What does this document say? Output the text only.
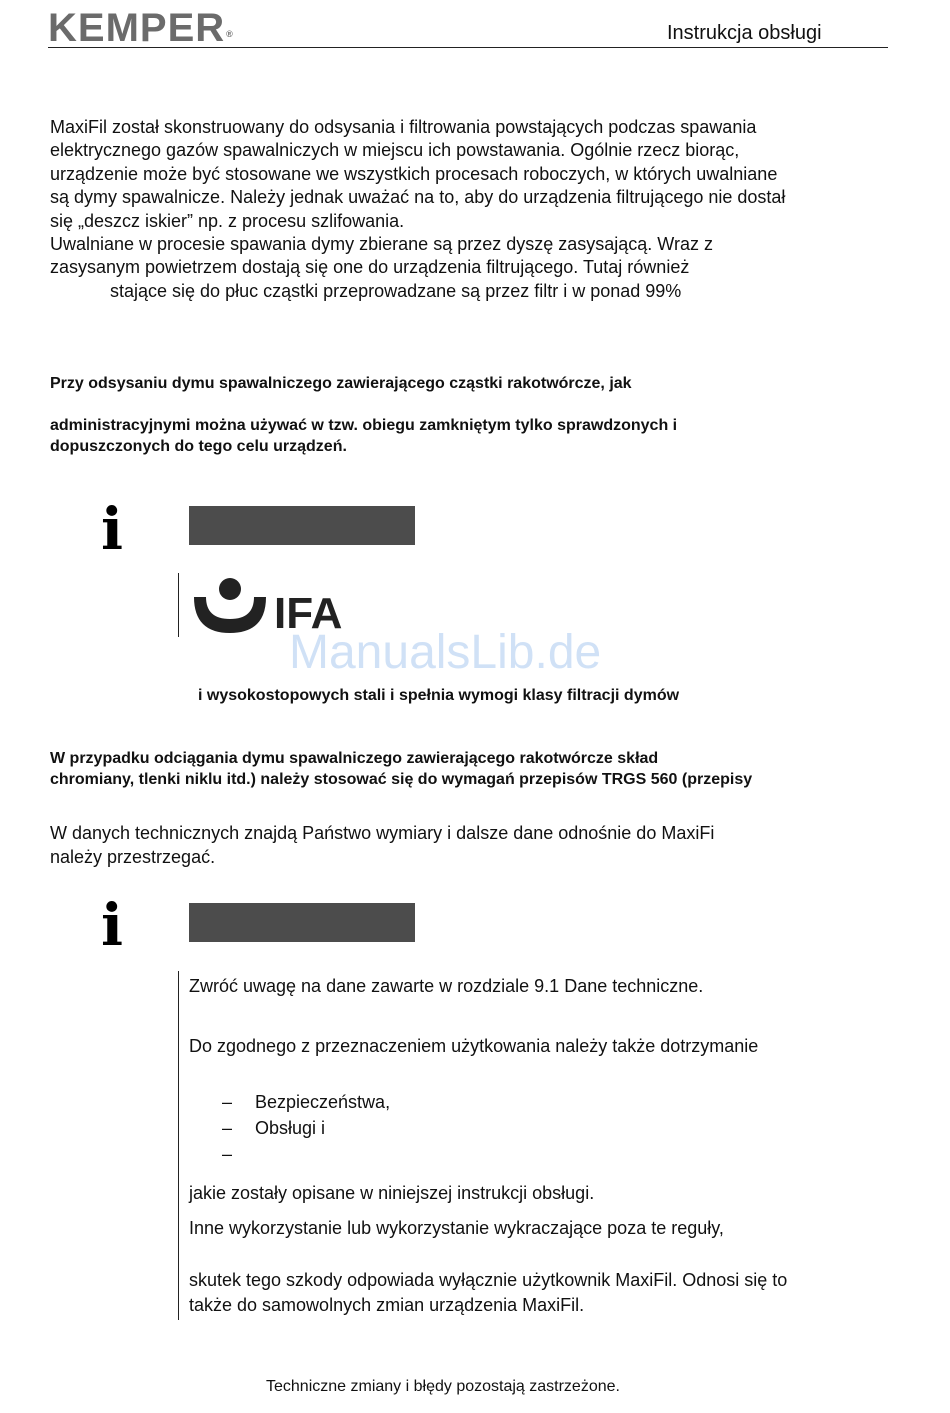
KEMPER®	Instrukcja obsługi
MaxiFil został skonstruowany do odsysania i filtrowania powstających podczas spawania
elektrycznego gazów spawalniczych w miejscu ich powstawania. Ogólnie rzecz biorąc,
urządzenie może być stosowane we wszystkich procesach roboczych, w których uwalniane
są dymy spawalnicze. Należy jednak uważać na to, aby do urządzenia filtrującego nie dostał
się „deszcz iskier” np. z procesu szlifowania.
Uwalniane w procesie spawania dymy zbierane są przez dyszę zasysającą. Wraz z
zasysanym powietrzem dostają się one do urządzenia filtrującego. Tutaj również
stające się do płuc cząstki przeprowadzane są przez filtr i w ponad 99%
Przy odsysaniu dymu spawalniczego zawierającego cząstki rakotwórcze, jak
administracyjnymi można używać w tzw. obiegu zamkniętym tylko sprawdzonych i
dopuszczonych do tego celu urządzeń.
i
IFA
ManualsLib.de
i wysokostopowych stali i spełnia wymogi klasy filtracji dymów
W przypadku odciągania dymu spawalniczego zawierającego rakotwórcze skład
chromiany, tlenki niklu itd.) należy stosować się do wymagań przepisów TRGS 560 (przepisy
W danych technicznych znajdą Państwo wymiary i dalsze dane odnośnie do MaxiFi
należy przestrzegać.
i
Zwróć uwagę na dane zawarte w rozdziale 9.1 Dane techniczne.
Do zgodnego z przeznaczeniem użytkowania należy także dotrzymanie
– Bezpieczeństwa,
– Obsługi i
–
jakie zostały opisane w niniejszej instrukcji obsługi.
Inne wykorzystanie lub wykorzystanie wykraczające poza te reguły,
skutek tego szkody odpowiada wyłącznie użytkownik MaxiFil. Odnosi się to
także do samowolnych zmian urządzenia MaxiFil.
Techniczne zmiany i błędy pozostają zastrzeżone.
